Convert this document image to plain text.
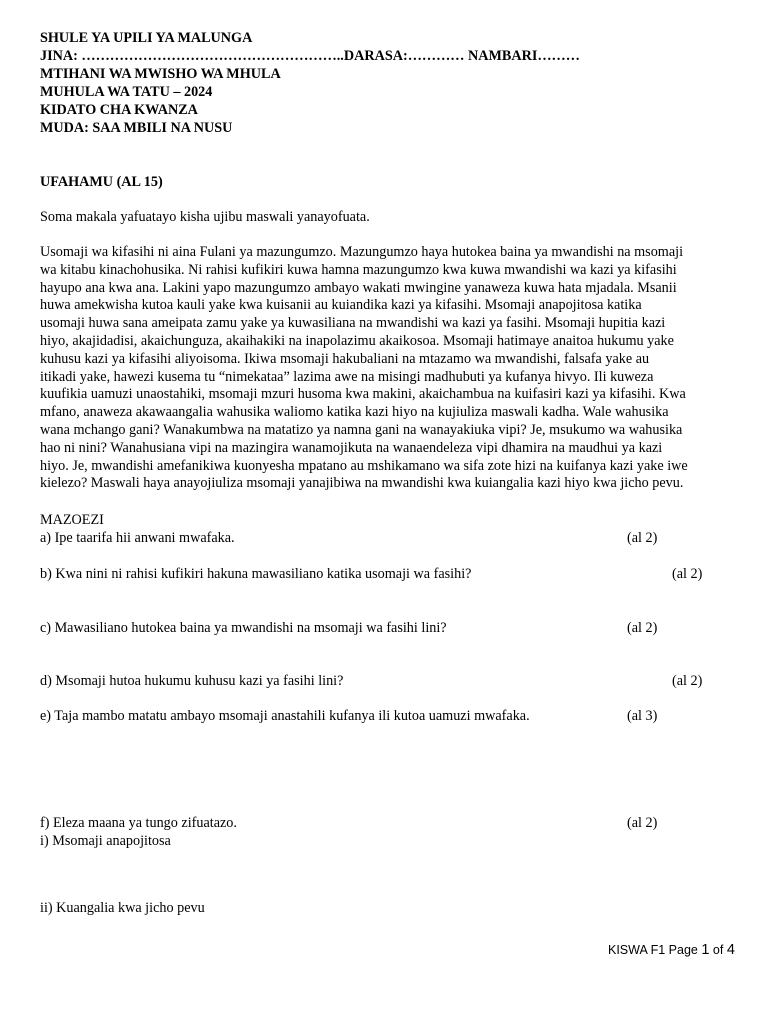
SHULE YA UPILI YA MALUNGA
JINA: ………………………………………………..DARASA:………… NAMBARI………
MTIHANI WA MWISHO WA MHULA
MUHULA WA TATU – 2024
KIDATO CHA KWANZA
MUDA: SAA MBILI NA NUSU
UFAHAMU (AL 15)
Soma makala yafuatayo kisha ujibu maswali yanayofuata.
Usomaji wa kifasihi ni aina Fulani ya mazungumzo. Mazungumzo haya hutokea baina ya mwandishi na msomaji
wa kitabu kinachohusika. Ni rahisi kufikiri kuwa hamna mazungumzo kwa kuwa mwandishi wa kazi ya kifasihi
hayupo ana kwa ana. Lakini yapo mazungumzo ambayo wakati mwingine yanaweza kuwa hata mjadala. Msanii
huwa amekwisha kutoa kauli yake kwa kuisanii au kuiandika kazi ya kifasihi. Msomaji anapojitosa katika
usomaji huwa sana ameipata zamu yake ya kuwasiliana na mwandishi wa kazi ya fasihi. Msomaji hupitia kazi
hiyo, akajidadisi, akaichunguza, akaihakiki na inapolazimu akaikosoa. Msomaji hatimaye anaitoa hukumu yake
kuhusu kazi ya kifasihi aliyoisoma. Ikiwa msomaji hakubaliani na mtazamo wa mwandishi, falsafa yake au
itikadi yake, hawezi kusema tu “nimekataa” lazima awe na misingi madhubuti ya kufanya hivyo. Ili kuweza
kuufikia uamuzi unaostahiki, msomaji mzuri husoma kwa makini, akaichambua na kuifasiri kazi ya kifasihi. Kwa
mfano, anaweza akawaangalia wahusika waliomo katika kazi hiyo na kujiuliza maswali kadha. Wale wahusika
wana mchango gani? Wanakumbwa na matatizo ya namna gani na wanayakiuka vipi? Je, msukumo wa wahusika
hao ni nini? Wanahusiana vipi na mazingira wanamojikuta na wanaendeleza vipi dhamira na maudhui ya kazi
hiyo. Je, mwandishi amefanikiwa kuonyesha mpatano au mshikamano wa sifa zote hizi na kuifanya kazi yake iwe
kielezo? Maswali haya anayojiuliza msomaji yanajibiwa na mwandishi kwa kuiangalia kazi hiyo kwa jicho pevu.
MAZOEZI
a) Ipe taarifa hii anwani mwafaka.	(al 2)
b) Kwa nini ni rahisi kufikiri hakuna mawasiliano katika usomaji wa fasihi?	(al 2)
c) Mawasiliano hutokea baina ya mwandishi na msomaji wa fasihi lini?	(al 2)
d) Msomaji hutoa hukumu kuhusu kazi ya fasihi lini?	(al 2)
e) Taja mambo matatu ambayo msomaji anastahili kufanya ili kutoa uamuzi mwafaka.	(al 3)
f) Eleza maana ya tungo zifuatazo.	(al 2)
i) Msomaji anapojitosa
ii) Kuangalia kwa jicho pevu
KISWA F1 Page 1 of 4
